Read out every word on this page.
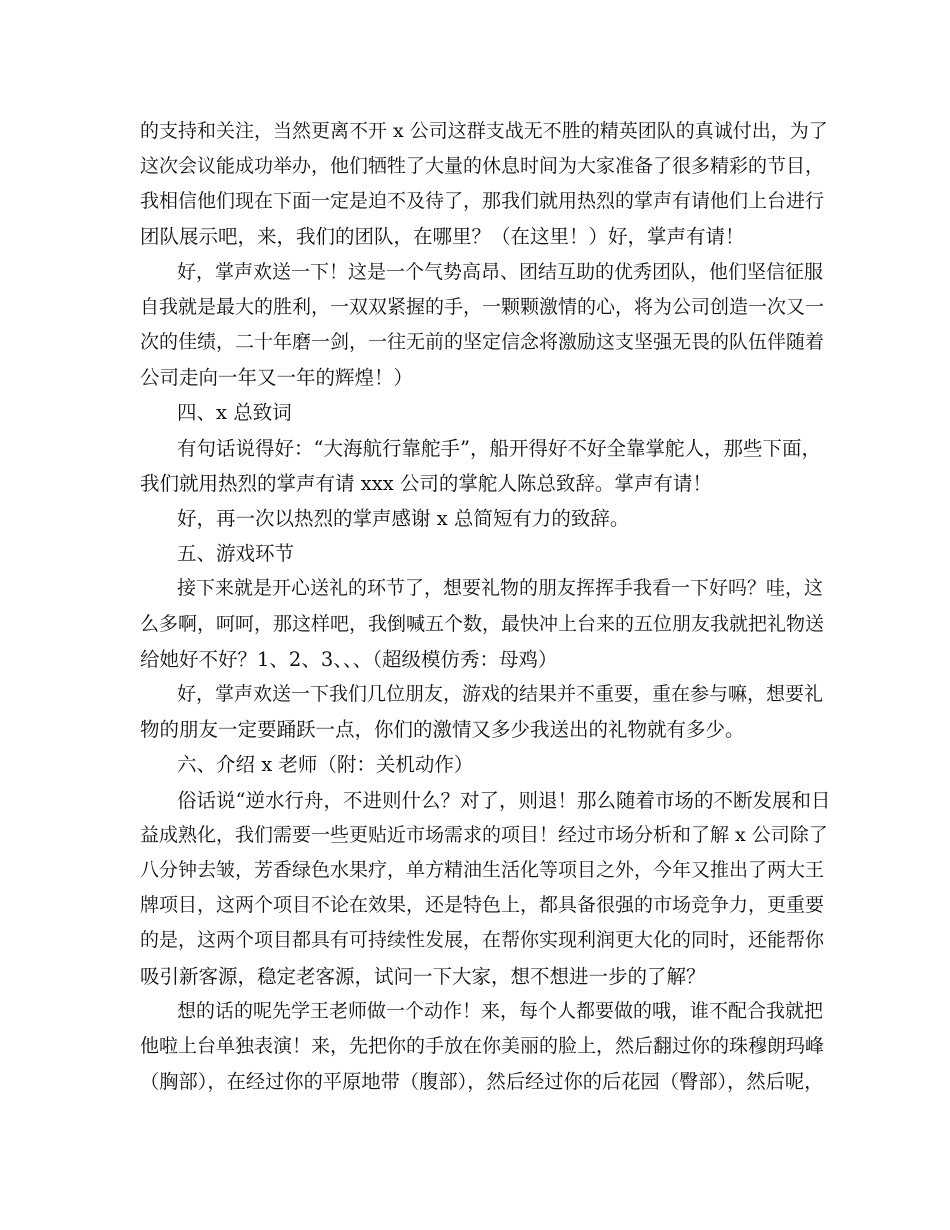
的支持和关注，当然更离不开 x 公司这群支战无不胜的精英团队的真诚付出，为了
这次会议能成功举办，他们牺牲了大量的休息时间为大家准备了很多精彩的节目，
我相信他们现在下面一定是迫不及待了，那我们就用热烈的掌声有请他们上台进行
团队展示吧，来，我们的团队，在哪里？（在这里！）好，掌声有请！
好，掌声欢送一下！这是一个气势高昂、团结互助的优秀团队，他们坚信征服
自我就是最大的胜利，一双双紧握的手，一颗颗激情的心，将为公司创造一次又一
次的佳绩，二十年磨一剑，一往无前的坚定信念将激励这支坚强无畏的队伍伴随着
公司走向一年又一年的辉煌！）
四、x 总致词
有句话说得好：“大海航行靠舵手”，船开得好不好全靠掌舵人，那些下面，
我们就用热烈的掌声有请 xxx 公司的掌舵人陈总致辞。掌声有请！
好，再一次以热烈的掌声感谢 x 总简短有力的致辞。
五、游戏环节
接下来就是开心送礼的环节了，想要礼物的朋友挥挥手我看一下好吗？哇，这
么多啊，呵呵，那这样吧，我倒喊五个数，最快冲上台来的五位朋友我就把礼物送
给她好不好？1、2、3、、、（超级模仿秀：母鸡）
好，掌声欢送一下我们几位朋友，游戏的结果并不重要，重在参与嘛，想要礼
物的朋友一定要踊跃一点，你们的激情又多少我送出的礼物就有多少。
六、介绍 x 老师（附：关机动作）
俗话说“逆水行舟，不进则什么？对了，则退！那么随着市场的不断发展和日
益成熟化，我们需要一些更贴近市场需求的项目！经过市场分析和了解 x 公司除了
八分钟去皱，芳香绿色水果疗，单方精油生活化等项目之外，今年又推出了两大王
牌项目，这两个项目不论在效果，还是特色上，都具备很强的市场竞争力，更重要
的是，这两个项目都具有可持续性发展，在帮你实现利润更大化的同时，还能帮你
吸引新客源，稳定老客源，试问一下大家，想不想进一步的了解？
想的话的呢先学王老师做一个动作！来，每个人都要做的哦，谁不配合我就把
他啦上台单独表演！来，先把你的手放在你美丽的脸上，然后翻过你的珠穆朗玛峰
（胸部），在经过你的平原地带（腹部），然后经过你的后花园（臀部），然后呢，
